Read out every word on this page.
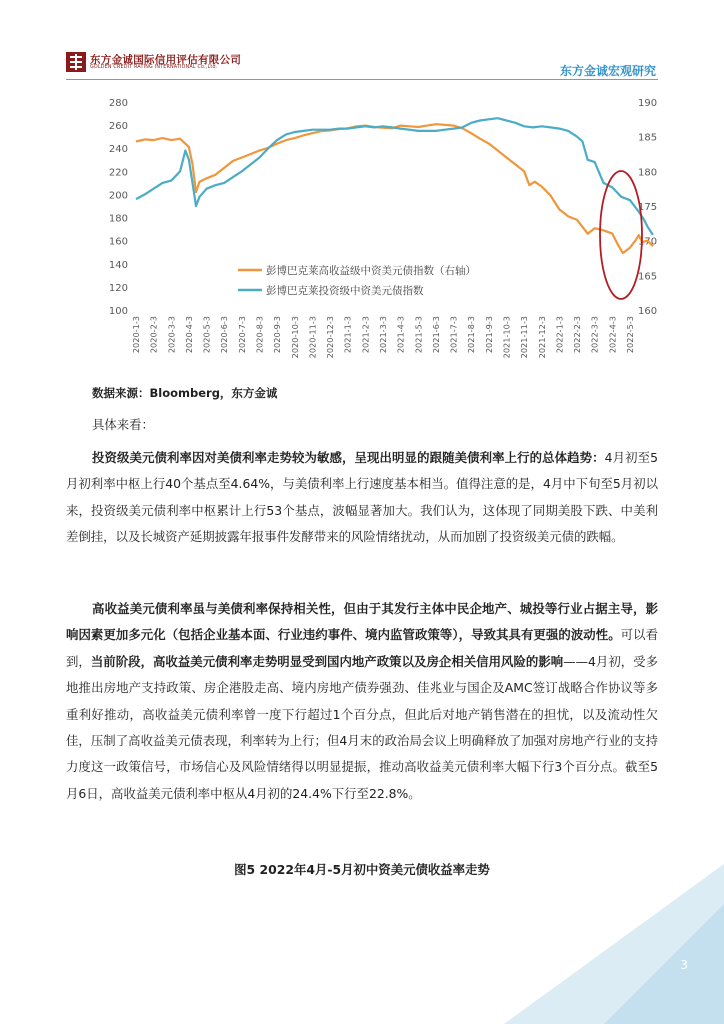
东方金诚国际信用评估有限公司
GOLDEN CREDIT RATING INTERNATIONAL Co.,Ltd.	东方金诚宏观研究
100
120
140
160
180
200
220
240
260
280
160
165
170
175
180
185
190
2020-1-3 2020-2-3 2020-3-3 2020-4-3 2020-5-3 2020-6-3 2020-7-3 2020-8-3 2020-9-3 2020-10-3 2020-11-3 2020-12-3 2021-1-3 2021-2-3 2021-3-3 2021-4-3 2021-5-3 2021-6-3 2021-7-3 2021-8-3 2021-9-3 2021-10-3 2021-11-3 2021-12-3 2022-1-3 2022-2-3 2022-3-3 2022-4-3 2022-5-3
彭博巴克莱高收益级中资美元债指数（右轴）
彭博巴克莱投资级中资美元债指数
数据来源：Bloomberg，东方金诚
具体来看：
投资级美元债利率因对美债利率走势较为敏感，呈现出明显的跟随美债利率上行的总体趋势：4月初至5月初利率中枢上行40个基点至4.64%，与美债利率上行速度基本相当。值得注意的是，4月中下旬至5月初以来，投资级美元债利率中枢累计上行53个基点，波幅显著加大。我们认为，这体现了同期美股下跌、中美利差倒挂，以及长城资产延期披露年报事件发酵带来的风险情绪扰动，从而加剧了投资级美元债的跌幅。
高收益美元债利率虽与美债利率保持相关性，但由于其发行主体中民企地产、城投等行业占据主导，影响因素更加多元化（包括企业基本面、行业违约事件、境内监管政策等），导致其具有更强的波动性。可以看到，当前阶段，高收益美元债利率走势明显受到国内地产政策以及房企相关信用风险的影响——4月初，受多地推出房地产支持政策、房企港股走高、境内房地产债券强劲、佳兆业与国企及AMC签订战略合作协议等多重利好推动，高收益美元债利率曾一度下行超过1个百分点，但此后对地产销售潜在的担忧，以及流动性欠佳，压制了高收益美元债表现，利率转为上行；但4月末的政治局会议上明确释放了加强对房地产行业的支持力度这一政策信号，市场信心及风险情绪得以明显提振，推动高收益美元债利率大幅下行3个百分点。截至5月6日，高收益美元债利率中枢从4月初的24.4%下行至22.8%。
图5 2022年4月-5月初中资美元债收益率走势
3
